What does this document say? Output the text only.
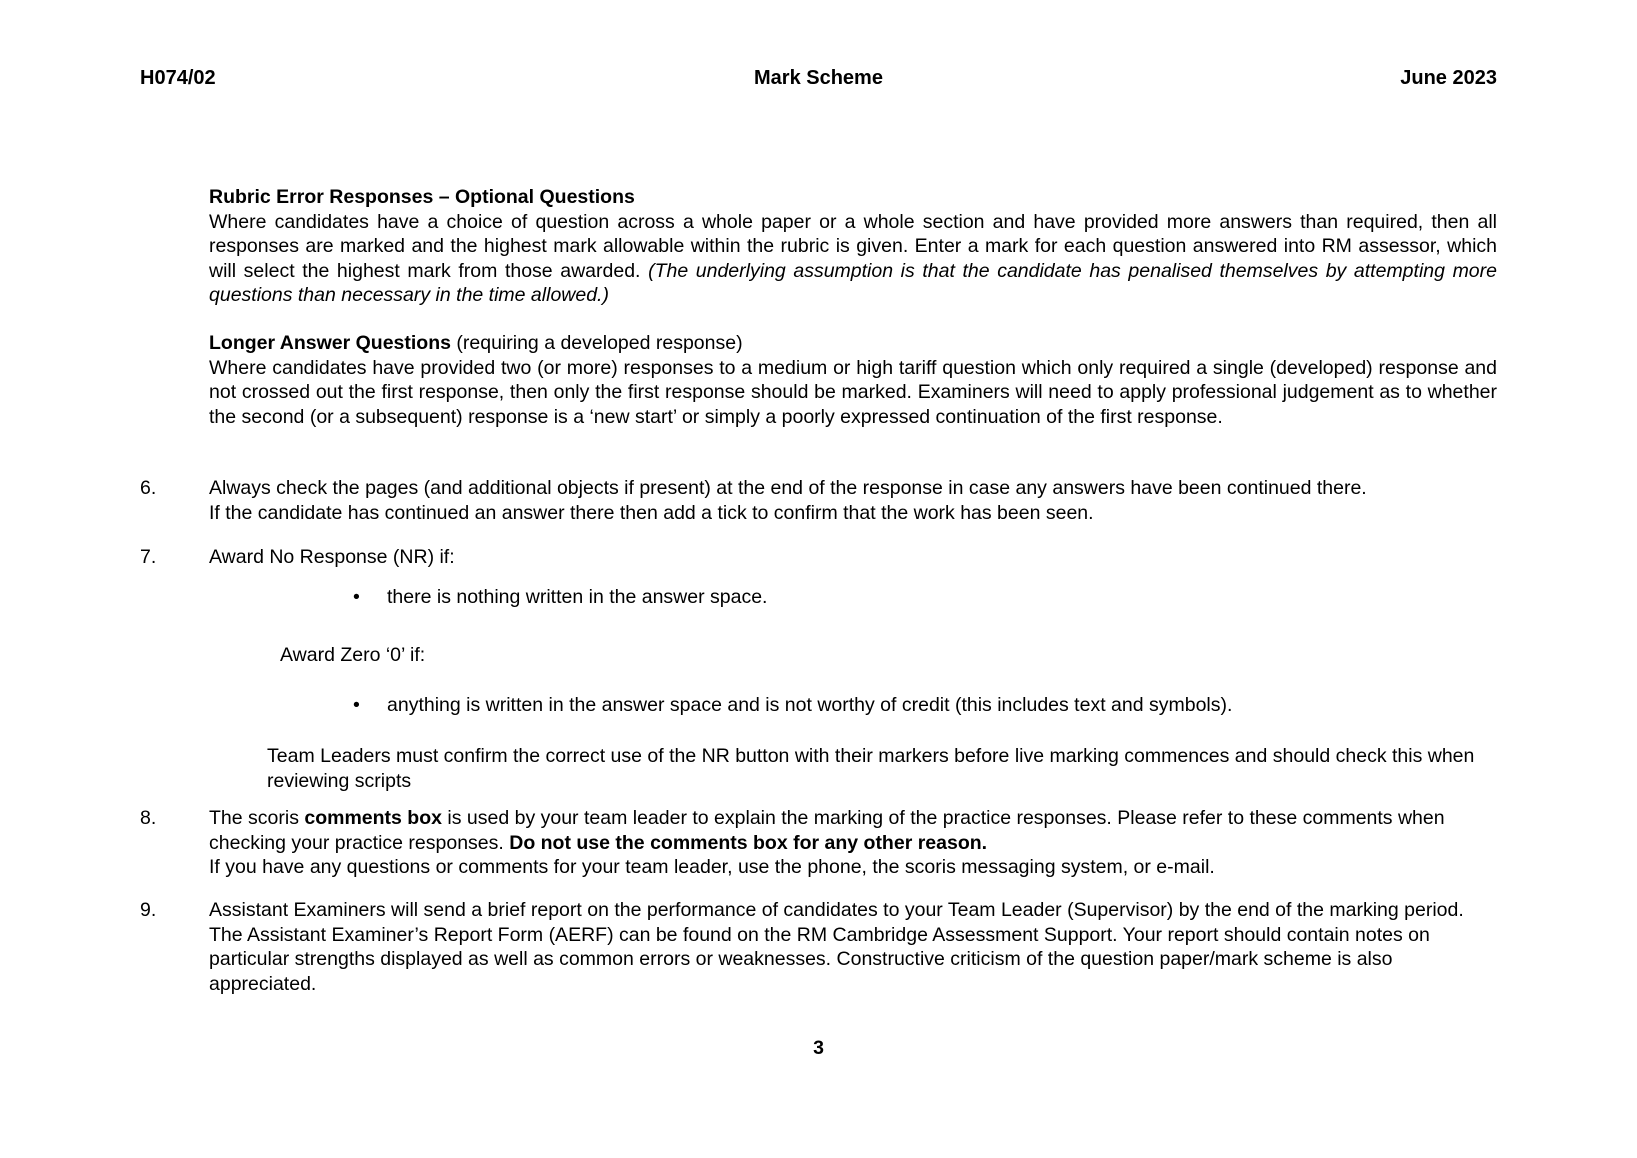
H074/02	Mark Scheme	June 2023
Rubric Error Responses – Optional Questions
Where candidates have a choice of question across a whole paper or a whole section and have provided more answers than required, then all responses are marked and the highest mark allowable within the rubric is given. Enter a mark for each question answered into RM assessor, which will select the highest mark from those awarded. (The underlying assumption is that the candidate has penalised themselves by attempting more questions than necessary in the time allowed.)
Longer Answer Questions (requiring a developed response)
Where candidates have provided two (or more) responses to a medium or high tariff question which only required a single (developed) response and not crossed out the first response, then only the first response should be marked. Examiners will need to apply professional judgement as to whether the second (or a subsequent) response is a ‘new start’ or simply a poorly expressed continuation of the first response.
6.	Always check the pages (and additional objects if present) at the end of the response in case any answers have been continued there.
If the candidate has continued an answer there then add a tick to confirm that the work has been seen.
7.	Award No Response (NR) if:
•	there is nothing written in the answer space.
Award Zero ‘0’ if:
•	anything is written in the answer space and is not worthy of credit (this includes text and symbols).
Team Leaders must confirm the correct use of the NR button with their markers before live marking commences and should check this when reviewing scripts
8.	The scoris comments box is used by your team leader to explain the marking of the practice responses. Please refer to these comments when checking your practice responses. Do not use the comments box for any other reason.
If you have any questions or comments for your team leader, use the phone, the scoris messaging system, or e-mail.
9.	Assistant Examiners will send a brief report on the performance of candidates to your Team Leader (Supervisor) by the end of the marking period. The Assistant Examiner’s Report Form (AERF) can be found on the RM Cambridge Assessment Support. Your report should contain notes on particular strengths displayed as well as common errors or weaknesses. Constructive criticism of the question paper/mark scheme is also appreciated.
3
